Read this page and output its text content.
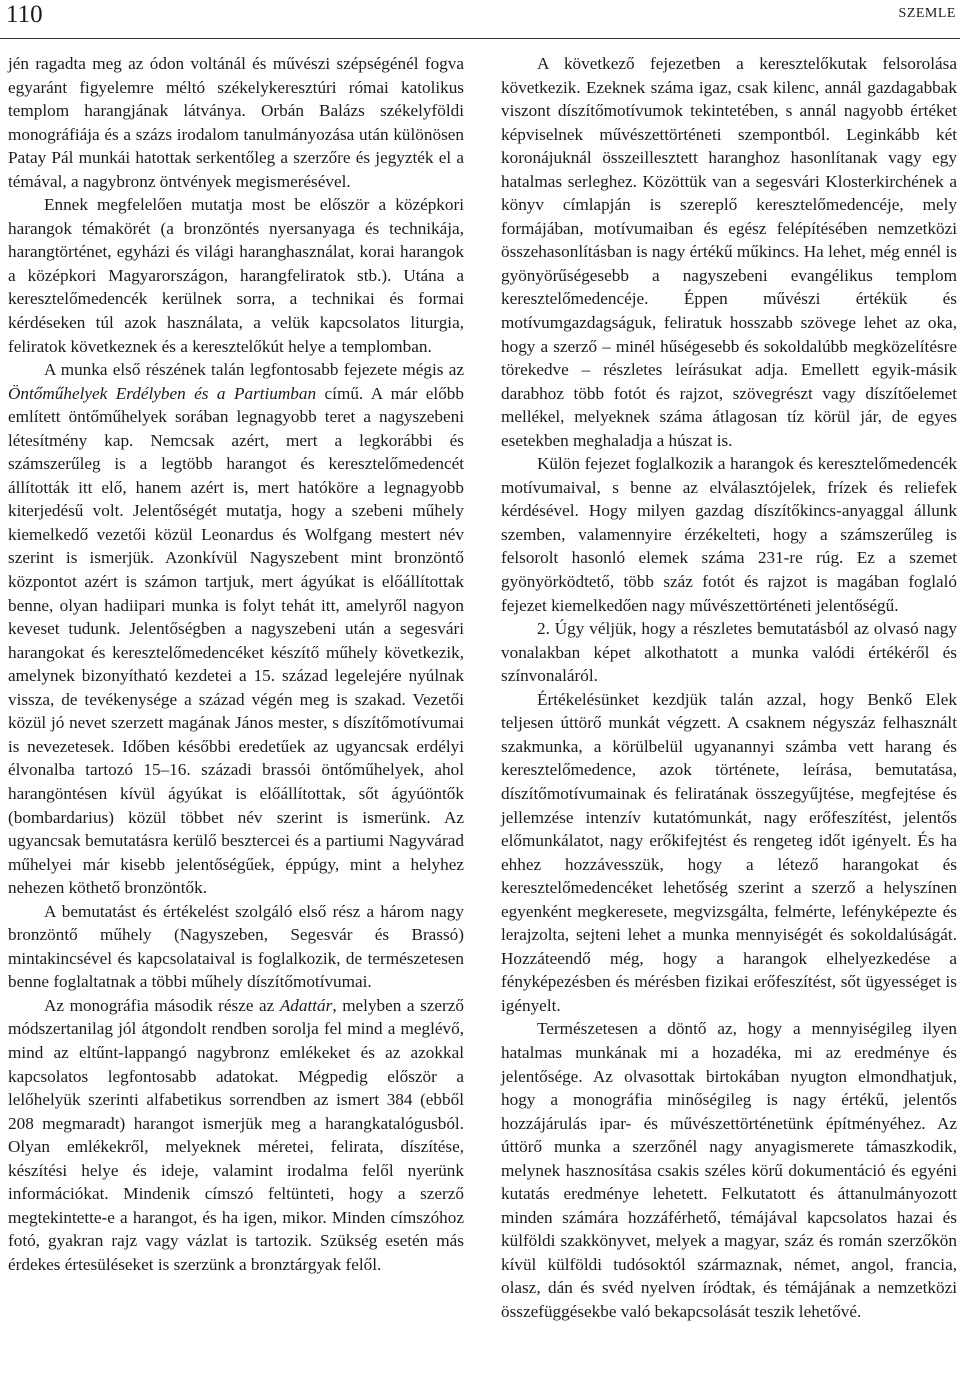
110	SZEMLE

jén ragadta meg az ódon voltánál és művészi szépségénél fogva egyaránt figyelemre méltó székelykeresztúri római katolikus templom harangjának látványa. Orbán Balázs székelyföldi monográfiája és a százs irodalom tanulmányozása után különösen Patay Pál munkái hatottak serkentőleg a szerzőre és jegyzték el a témával, a nagybronz öntvények megismerésével.

Ennek megfelelően mutatja most be először a középkori harangok témakörét (a bronzöntés nyersanyaga és technikája, harangtörténet, egyházi és világi haranghasználat, korai harangok a középkori Magyarországon, harangfeliratok stb.). Utána a keresztelőmedencék kerülnek sorra, a technikai és formai kérdéseken túl azok használata, a velük kapcsolatos liturgia, feliratok következnek és a keresztelőkút helye a templomban.

A munka első részének talán legfontosabb fejezete mégis az Öntőműhelyek Erdélyben és a Partiumban című. A már előbb említett öntőműhelyek sorában legnagyobb teret a nagyszebeni létesítmény kap. Nemcsak azért, mert a legkorábbi és számszerűleg is a legtöbb harangot és keresztelőmedencét állították itt elő, hanem azért is, mert hatóköre a legnagyobb kiterjedésű volt. Jelentőségét mutatja, hogy a szebeni műhely kiemelkedő vezetői közül Leonardus és Wolfgang mestert név szerint is ismerjük. Azonkívül Nagyszebent mint bronzöntő központot azért is számon tartjuk, mert ágyúkat is előállítottak benne, olyan hadiipari munka is folyt tehát itt, amelyről nagyon keveset tudunk. Jelentőségben a nagyszebeni után a segesvári harangokat és keresztelőmedencéket készítő műhely következik, amelynek bizonyítható kezdetei a 15. század legelejére nyúlnak vissza, de tevékenysége a század végén meg is szakad. Vezetői közül jó nevet szerzett magának János mester, s díszítőmotívumai is nevezetesek. Időben későbbi eredetűek az ugyancsak erdélyi élvonalba tartozó 15–16. századi brassói öntőműhelyek, ahol harangöntésen kívül ágyúkat is előállítottak, sőt ágyúöntők (bombardarius) közül többet név szerint is ismerünk. Az ugyancsak bemutatásra kerülő besztercei és a partiumi Nagyvárad műhelyei már kisebb jelentőségűek, éppúgy, mint a helyhez nehezen köthető bronzöntők.

A bemutatást és értékelést szolgáló első rész a három nagy bronzöntő műhely (Nagyszeben, Segesvár és Brassó) mintakincsével és kapcsolataival is foglalkozik, de természetesen benne foglaltatnak a többi műhely díszítőmotívumai.

Az monográfia második része az Adattár, melyben a szerző módszertanilag jól átgondolt rendben sorolja fel mind a meglévő, mind az eltűnt-lappangó nagybronz emlékeket és az azokkal kapcsolatos legfontosabb adatokat. Mégpedig először a lelőhelyük szerinti alfabetikus sorrendben az ismert 384 (ebből 208 megmaradt) harangot ismerjük meg a harangkatalógusból. Olyan emlékekről, melyeknek méretei, felirata, díszítése, készítési helye és ideje, valamint irodalma felől nyerünk információkat. Mindenik címszó feltünteti, hogy a szerző megtekintette-e a harangot, és ha igen, mikor. Minden címszóhoz fotó, gyakran rajz vagy vázlat is tartozik. Szükség esetén más érdekes értesüléseket is szerzünk a bronztárgyak felől.

A következő fejezetben a keresztelőkutak felsorolása következik. Ezeknek száma igaz, csak kilenc, annál gazdagabbak viszont díszítőmotívumok tekintetében, s annál nagyobb értéket képviselnek művészettörténeti szempontból. Leginkább két koronájuknál összeillesztett haranghoz hasonlítanak vagy egy hatalmas serleghez. Közöttük van a segesvári Klosterkirchének a könyv címlapján is szereplő keresztelőmedencéje, mely formájában, motívumaiban és egész felépítésében nemzetközi összehasonlításban is nagy értékű műkincs. Ha lehet, még ennél is gyönyörűségesebb a nagyszebeni evangélikus templom keresztelőmedencéje. Éppen művészi értékük és motívumgazdagságuk, feliratuk hosszabb szövege lehet az oka, hogy a szerző – minél hűségesebb és sokoldalúbb megközelítésre törekedve – részletes leírásukat adja. Emellett egyik-másik darabhoz több fotót és rajzot, szövegrészt vagy díszítőelemet mellékel, melyeknek száma átlagosan tíz körül jár, de egyes esetekben meghaladja a húszat is.

Külön fejezet foglalkozik a harangok és keresztelőmedencék motívumaival, s benne az elválasztójelek, frízek és reliefek kérdésével. Hogy milyen gazdag díszítőkincs-anyaggal állunk szemben, valamennyire érzékelteti, hogy a számszerűleg is felsorolt hasonló elemek száma 231-re rúg. Ez a szemet gyönyörködtető, több száz fotót és rajzot is magában foglaló fejezet kiemelkedően nagy művészettörténeti jelentőségű.

2. Úgy véljük, hogy a részletes bemutatásból az olvasó nagy vonalakban képet alkothatott a munka valódi értékéről és színvonaláról.

Értékelésünket kezdjük talán azzal, hogy Benkő Elek teljesen úttörő munkát végzett. A csaknem négyszáz felhasznált szakmunka, a körülbelül ugyanannyi számba vett harang és keresztelőmedence, azok története, leírása, bemutatása, díszítőmotívumainak és feliratának összegyűjtése, megfejtése és jellemzése intenzív kutatómunkát, nagy erőfeszítést, jelentős előmunkálatot, nagy erőkifejtést és rengeteg időt igényelt. És ha ehhez hozzávesszük, hogy a létező harangokat és keresztelőmedencéket lehetőség szerint a szerző a helyszínen egyenként megkeresete, megvizsgálta, felmérte, lefényképezte és lerajzolta, sejteni lehet a munka mennyiségét és sokoldalúságát. Hozzáteendő még, hogy a harangok elhelyezkedése a fényképezésben és mérésben fizikai erőfeszítést, sőt ügyességet is igényelt.

Természetesen a döntő az, hogy a mennyiségileg ilyen hatalmas munkának mi a hozadéka, mi az eredménye és jelentősége. Az olvasottak birtokában nyugton elmondhatjuk, hogy a monográfia minőségileg is nagy értékű, jelentős hozzájárulás ipar- és művészettörténetünk építményéhez. Az úttörő munka a szerzőnél nagy anyagismerete támaszkodik, melynek hasznosítása csakis széles körű dokumentáció és egyéni kutatás eredménye lehetett. Felkutatott és áttanulmányozott minden számára hozzáférhető, témájával kapcsolatos hazai és külföldi szakkönyvet, melyek a magyar, száz és román szerzőkön kívül külföldi tudósoktól származnak, német, angol, francia, olasz, dán és svéd nyelven íródtak, és témájának a nemzetközi összefüggésekbe való bekapcsolását teszik lehetővé.
